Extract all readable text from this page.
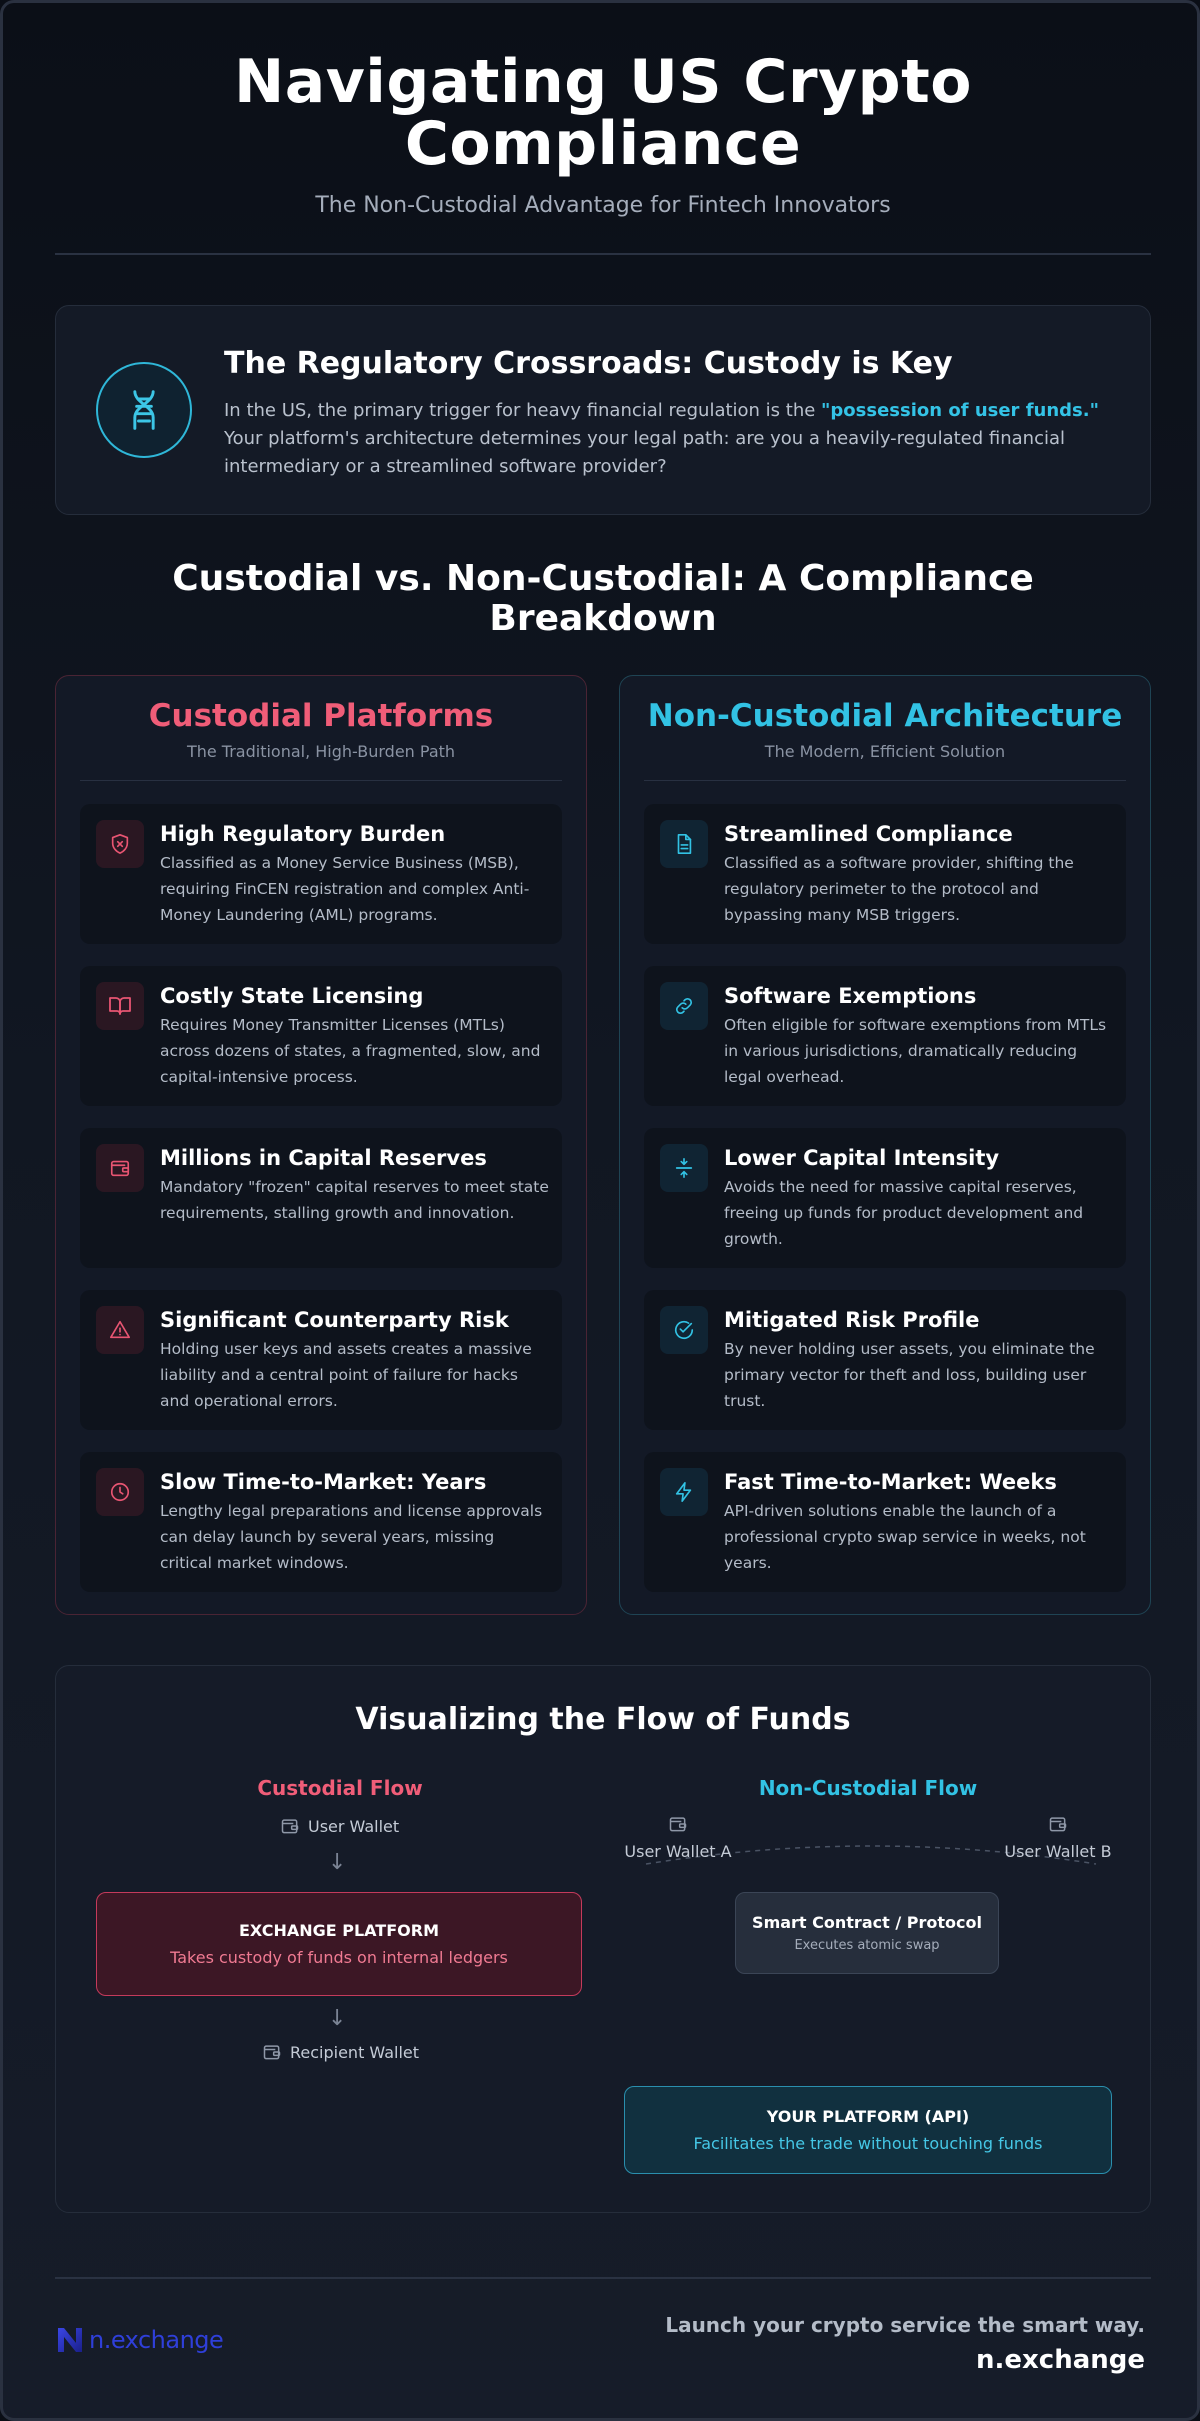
Navigating US Crypto
Compliance
The Non-Custodial Advantage for Fintech Innovators
The Regulatory Crossroads: Custody is Key
In the US, the primary trigger for heavy financial regulation is the "possession of user funds." Your platform's architecture determines your legal path: are you a heavily-regulated financial intermediary or a streamlined software provider?
Custodial vs. Non-Custodial: A Compliance Breakdown
Custodial Platforms
The Traditional, High-Burden Path
High Regulatory Burden
Classified as a Money Service Business (MSB), requiring FinCEN registration and complex Anti-Money Laundering (AML) programs.
Costly State Licensing
Requires Money Transmitter Licenses (MTLs) across dozens of states, a fragmented, slow, and capital-intensive process.
Millions in Capital Reserves
Mandatory "frozen" capital reserves to meet state requirements, stalling growth and innovation.
Significant Counterparty Risk
Holding user keys and assets creates a massive liability and a central point of failure for hacks and operational errors.
Slow Time-to-Market: Years
Lengthy legal preparations and license approvals can delay launch by several years, missing critical market windows.
Non-Custodial Architecture
The Modern, Efficient Solution
Streamlined Compliance
Classified as a software provider, shifting the regulatory perimeter to the protocol and bypassing many MSB triggers.
Software Exemptions
Often eligible for software exemptions from MTLs in various jurisdictions, dramatically reducing legal overhead.
Lower Capital Intensity
Avoids the need for massive capital reserves, freeing up funds for product development and growth.
Mitigated Risk Profile
By never holding user assets, you eliminate the primary vector for theft and loss, building user trust.
Fast Time-to-Market: Weeks
API-driven solutions enable the launch of a professional crypto swap service in weeks, not years.
Visualizing the Flow of Funds
Custodial Flow	Non-Custodial Flow
User Wallet
↓
EXCHANGE PLATFORM
Takes custody of funds on internal ledgers
↓
Recipient Wallet
User Wallet A	User Wallet B
Smart Contract / Protocol
Executes atomic swap
YOUR PLATFORM (API)
Facilitates the trade without touching funds
n.exchange
Launch your crypto service the smart way.
n.exchange
